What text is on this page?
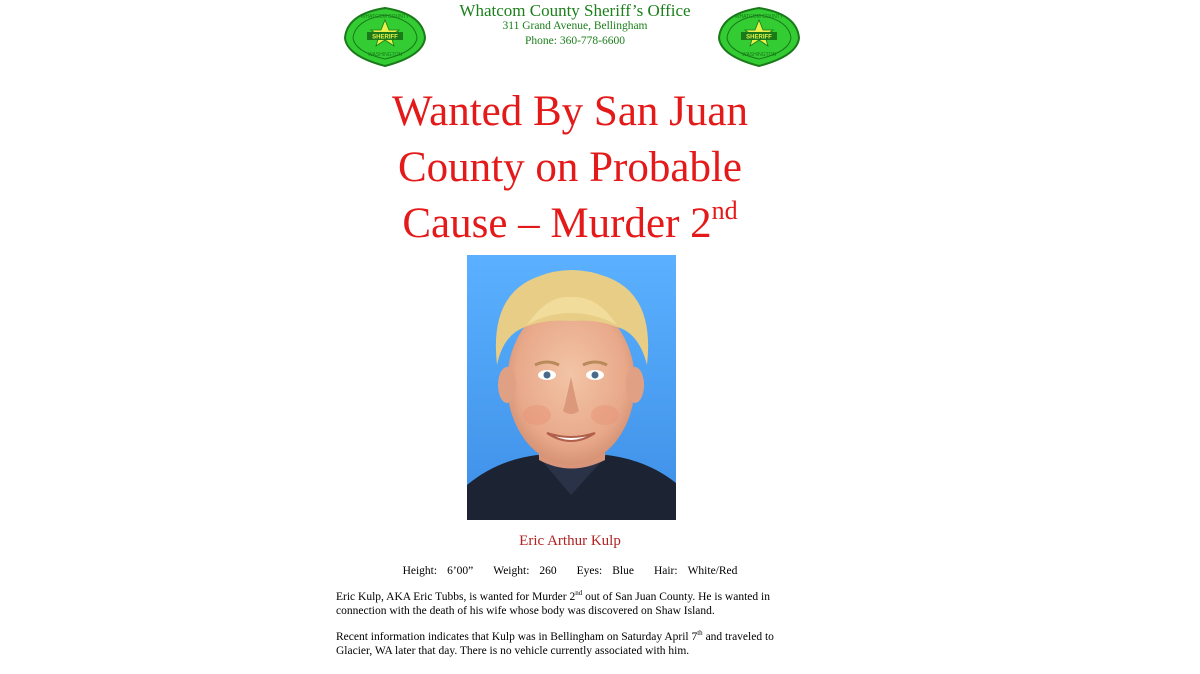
SHERIFF
WHATCOM COUNTY
WASHINGTON
SHERIFF
WHATCOM COUNTY
WASHINGTON
Whatcom County Sheriff’s Office
311 Grand Avenue, Bellingham
Phone: 360-778-6600
Wanted By San Juan
County on Probable
Cause – Murder 2nd
Eric Arthur Kulp
Height: 6’00” Weight: 260 Eyes: Blue Hair: White/Red
Eric Kulp, AKA Eric Tubbs, is wanted for Murder 2nd out of San Juan County. He is wanted in
connection with the death of his wife whose body was discovered on Shaw Island.
Recent information indicates that Kulp was in Bellingham on Saturday April 7th and traveled to
Glacier, WA later that day. There is no vehicle currently associated with him.
